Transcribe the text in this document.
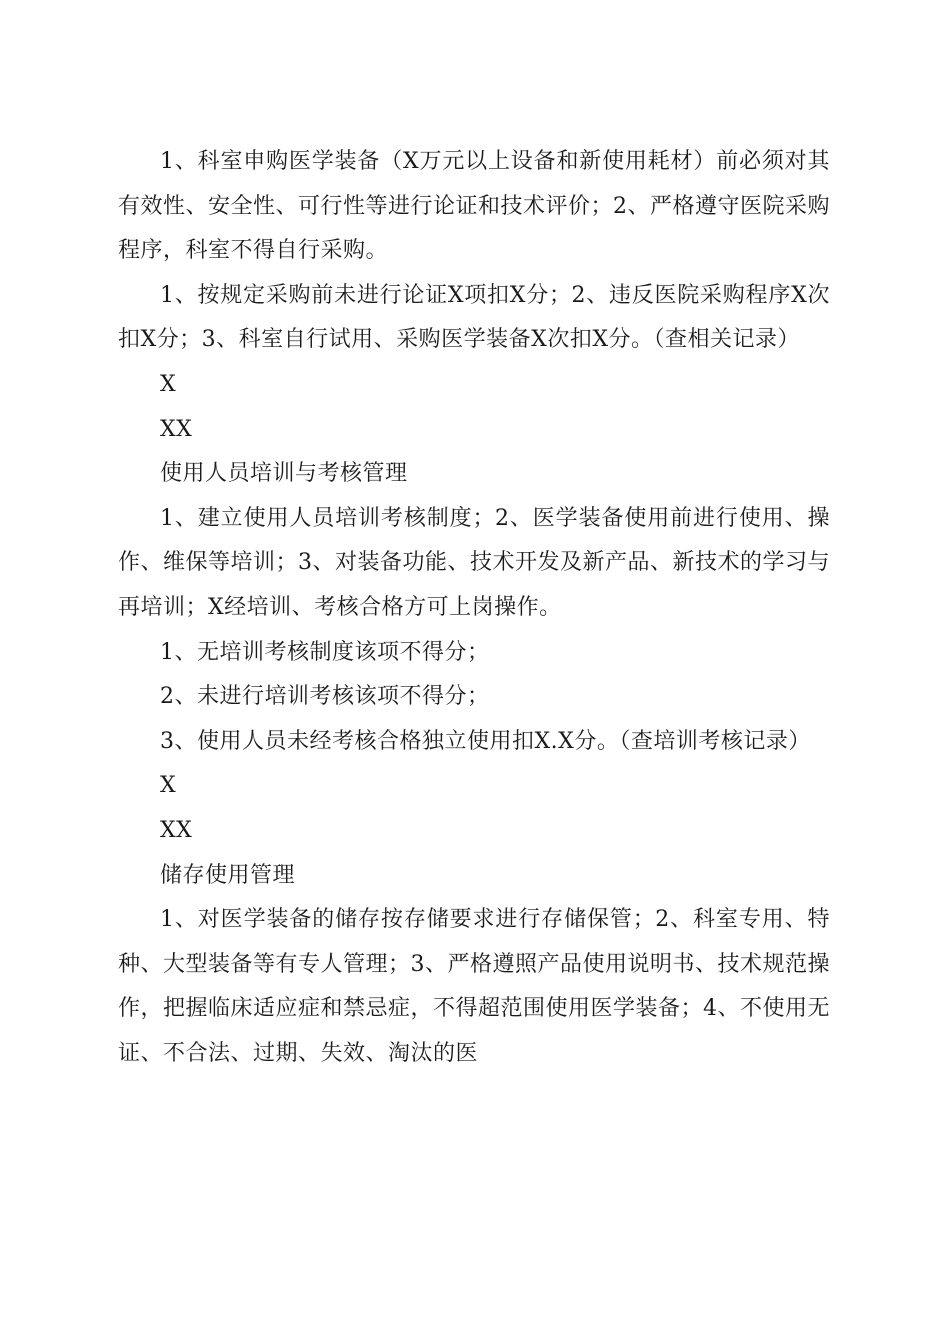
1、科室申购医学装备（X万元以上设备和新使用耗材）前必须对其有效性、安全性、可行性等进行论证和技术评价；2、严格遵守医院采购程序，科室不得自行采购。

1、按规定采购前未进行论证X项扣X分；2、违反医院采购程序X次扣X分；3、科室自行试用、采购医学装备X次扣X分。（查相关记录）

X

XX

使用人员培训与考核管理

1、建立使用人员培训考核制度；2、医学装备使用前进行使用、操作、维保等培训；3、对装备功能、技术开发及新产品、新技术的学习与再培训；X经培训、考核合格方可上岗操作。

1、无培训考核制度该项不得分；

2、未进行培训考核该项不得分；

3、使用人员未经考核合格独立使用扣X.X分。（查培训考核记录）

X

XX

储存使用管理

1、对医学装备的储存按存储要求进行存储保管；2、科室专用、特种、大型装备等有专人管理；3、严格遵照产品使用说明书、技术规范操作，把握临床适应症和禁忌症，不得超范围使用医学装备；4、不使用无证、不合法、过期、失效、淘汰的医
